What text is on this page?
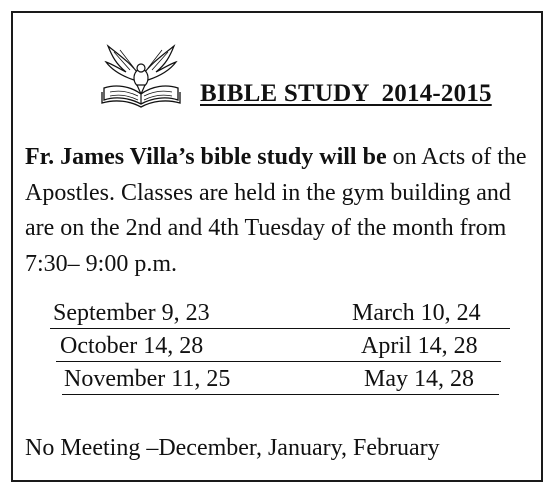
BIBLE STUDY  2014-2015
Fr. James Villa’s bible study will be on Acts of the Apostles. Classes are held in the gym building and are on the 2nd and 4th Tuesday of the month from 7:30– 9:00 p.m.
September 9, 23	March 10, 24
October 14, 28	April 14, 28
November 11, 25	May 14, 28
No Meeting –December, January, February
